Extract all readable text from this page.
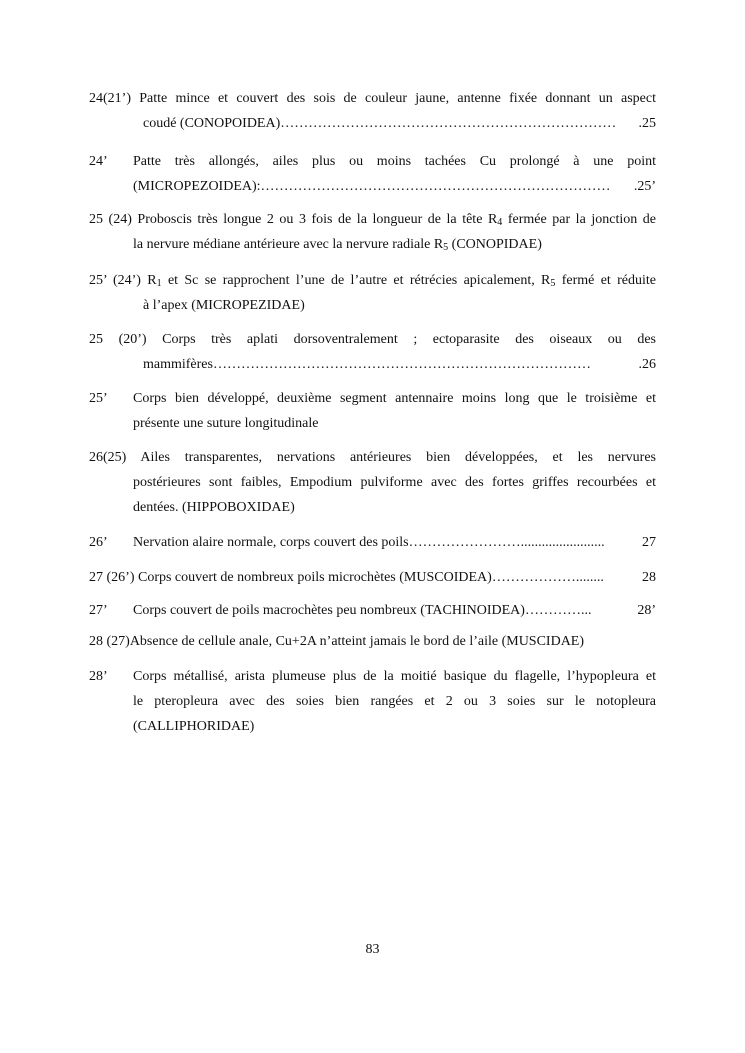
24(21’) Patte mince et couvert des sois de couleur jaune, antenne fixée donnant un aspect
coudé (CONOPOIDEA) ………………………………………………………………	.25
24’	Patte très allongés, ailes plus ou moins tachées Cu prolongé à une point
(MICROPEZOIDEA): …………………………………………………………………	.25’
25 (24) Proboscis très longue 2 ou 3 fois de la longueur de la tête $R_4$ fermée par la jonction de
la nervure médiane antérieure avec la nervure radiale $R_5$ (CONOPIDAE)
25’ (24’) $R_1$ et Sc se rapprochent l’une de l’autre et rétrécies apicalement, $R_5$ fermé et réduite
à l’apex (MICROPEZIDAE)
25 (20’) Corps très aplati dorsoventralement ; ectoparasite des oiseaux ou des
mammifères ………………………………………………………………………	.26
25’	Corps bien développé, deuxième segment antennaire moins long que le troisième et
présente une suture longitudinale
26(25) Ailes transparentes, nervations antérieures bien développées, et les nervures
postérieures sont faibles, Empodium pulviforme avec des fortes griffes recourbées et
dentées. (HIPPOBOXIDAE)
26’	Nervation alaire normale, corps couvert des poils ……………………........................	27
27 (26’) Corps couvert de nombreux poils microchètes (MUSCOIDEA) ………………........	28
27’	Corps couvert de poils macrochètes peu nombreux (TACHINOIDEA) …………...	28’
28 (27)Absence de cellule anale, Cu+2A n’atteint jamais le bord de l’aile (MUSCIDAE)
28’	Corps métallisé, arista plumeuse plus de la moitié basique du flagelle, l’hypopleura et
le pteropleura avec des soies bien rangées et 2 ou 3 soies sur le notopleura
(CALLIPHORIDAE)
83
